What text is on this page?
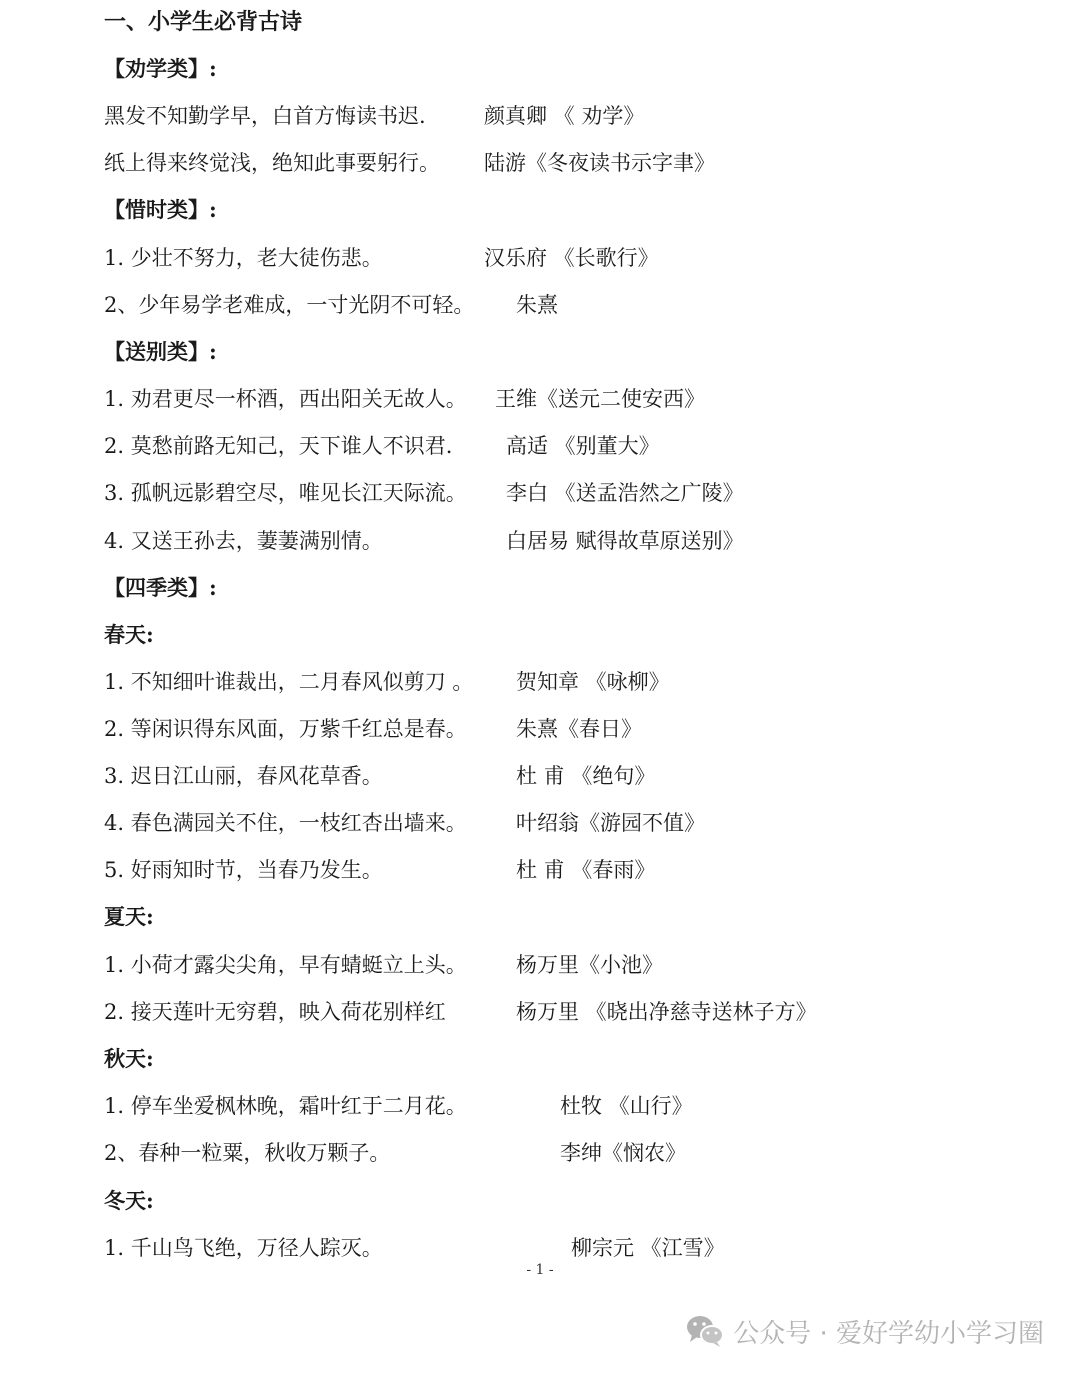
一、小学生必背古诗
【劝学类】:
黑发不知勤学早，白首方悔读书迟.	颜真卿 《 劝学》
纸上得来终觉浅，绝知此事要躬行。 陆游《冬夜读书示字聿》
【惜时类】:
1. 少壮不努力，老大徒伤悲。	汉乐府 《长歌行》
2、少年易学老难成，一寸光阴不可轻。 朱熹
【送别类】:
1. 劝君更尽一杯酒，西出阳关无故人。 王维《送元二使安西》
2. 莫愁前路无知己，天下谁人不识君.	高适 《别董大》
3. 孤帆远影碧空尽，唯见长江天际流。 李白 《送孟浩然之广陵》
4. 又送王孙去，萋萋满别情。	白居易 赋得故草原送别》
【四季类】:
春天:
1. 不知细叶谁裁出，二月春风似剪刀 。 贺知章 《咏柳》
2. 等闲识得东风面，万紫千红总是春。 朱熹《春日》
3. 迟日江山丽，春风花草香。	杜 甫 《绝句》
4. 春色满园关不住，一枝红杏出墙来。 叶绍翁《游园不值》
5. 好雨知时节，当春乃发生。	杜 甫 《春雨》
夏天:
1. 小荷才露尖尖角，早有蜻蜓立上头。 杨万里《小池》
2. 接天莲叶无穷碧，映入荷花别样红	杨万里 《晓出净慈寺送林子方》
秋天:
1. 停车坐爱枫林晚，霜叶红于二月花。	杜牧 《山行》
2、春种一粒粟，秋收万颗子。	李绅《悯农》
冬天:
1. 千山鸟飞绝，万径人踪灭。	柳宗元 《江雪》
- 1 -
公众号 · 爱好学幼小学习圈
